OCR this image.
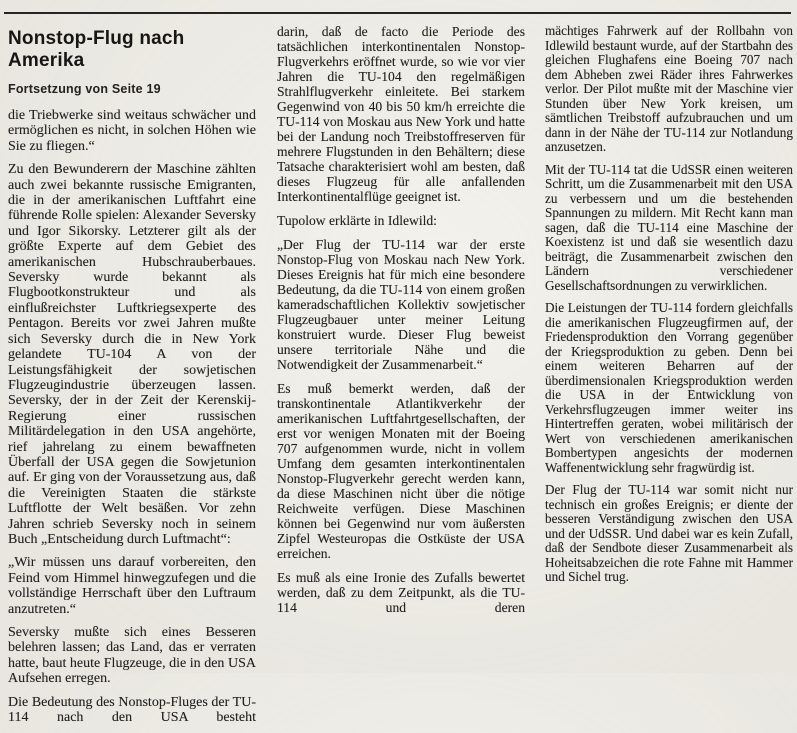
Nonstop-Flug nach Amerika
Fortsetzung von Seite 19

die Triebwerke sind weitaus schwächer und ermöglichen es nicht, in solchen Höhen wie Sie zu fliegen.“

Zu den Bewunderern der Maschine zählten auch zwei bekannte russische Emigranten, die in der amerikanischen Luftfahrt eine führende Rolle spielen: Alexander Seversky und Igor Sikorsky. Letzterer gilt als der größte Experte auf dem Gebiet des amerikanischen Hubschrauberbaues. Seversky wurde bekannt als Flugbootkonstrukteur und als einflußreichster Luftkriegsexperte des Pentagon. Bereits vor zwei Jahren mußte sich Seversky durch die in New York gelandete TU-104 A von der Leistungsfähigkeit der sowjetischen Flugzeugindustrie überzeugen lassen. Seversky, der in der Zeit der Kerenskij-Regierung einer russischen Militärdelegation in den USA angehörte, rief jahrelang zu einem bewaffneten Überfall der USA gegen die Sowjetunion auf. Er ging von der Voraussetzung aus, daß die Vereinigten Staaten die stärkste Luftflotte der Welt besäßen. Vor zehn Jahren schrieb Seversky noch in seinem Buch „Entscheidung durch Luftmacht“:

„Wir müssen uns darauf vorbereiten, den Feind vom Himmel hinwegzufegen und die vollständige Herrschaft über den Luftraum anzutreten.“

Seversky mußte sich eines Besseren belehren lassen; das Land, das er verraten hatte, baut heute Flugzeuge, die in den USA Aufsehen erregen.

Die Bedeutung des Nonstop-Fluges der TU-114 nach den USA besteht

darin, daß de facto die Periode des tatsächlichen interkontinentalen Nonstop-Flugverkehrs eröffnet wurde, so wie vor vier Jahren die TU-104 den regelmäßigen Strahlflugverkehr einleitete. Bei starkem Gegenwind von 40 bis 50 km/h erreichte die TU-114 von Moskau aus New York und hatte bei der Landung noch Treibstoffreserven für mehrere Flugstunden in den Behältern; diese Tatsache charakterisiert wohl am besten, daß dieses Flugzeug für alle anfallenden Interkontinentalflüge geeignet ist.

Tupolow erklärte in Idlewild:

„Der Flug der TU-114 war der erste Nonstop-Flug von Moskau nach New York. Dieses Ereignis hat für mich eine besondere Bedeutung, da die TU-114 von einem großen kameradschaftlichen Kollektiv sowjetischer Flugzeugbauer unter meiner Leitung konstruiert wurde. Dieser Flug beweist unsere territoriale Nähe und die Notwendigkeit der Zusammenarbeit.“

Es muß bemerkt werden, daß der transkontinentale Atlantikverkehr der amerikanischen Luftfahrtgesellschaften, der erst vor wenigen Monaten mit der Boeing 707 aufgenommen wurde, nicht in vollem Umfang dem gesamten interkontinentalen Nonstop-Flugverkehr gerecht werden kann, da diese Maschinen nicht über die nötige Reichweite verfügen. Diese Maschinen können bei Gegenwind nur vom äußersten Zipfel Westeuropas die Ostküste der USA erreichen.

Es muß als eine Ironie des Zufalls bewertet werden, daß zu dem Zeitpunkt, als die TU-114 und deren

mächtiges Fahrwerk auf der Rollbahn von Idlewild bestaunt wurde, auf der Startbahn des gleichen Flughafens eine Boeing 707 nach dem Abheben zwei Räder ihres Fahrwerkes verlor. Der Pilot mußte mit der Maschine vier Stunden über New York kreisen, um sämtlichen Treibstoff aufzubrauchen und um dann in der Nähe der TU-114 zur Notlandung anzusetzen.

Mit der TU-114 tat die UdSSR einen weiteren Schritt, um die Zusammenarbeit mit den USA zu verbessern und um die bestehenden Spannungen zu mildern. Mit Recht kann man sagen, daß die TU-114 eine Maschine der Koexistenz ist und daß sie wesentlich dazu beiträgt, die Zusammenarbeit zwischen den Ländern verschiedener Gesellschaftsordnungen zu verwirklichen.

Die Leistungen der TU-114 fordern gleichfalls die amerikanischen Flugzeugfirmen auf, der Friedensproduktion den Vorrang gegenüber der Kriegsproduktion zu geben. Denn bei einem weiteren Beharren auf der überdimensionalen Kriegsproduktion werden die USA in der Entwicklung von Verkehrsflugzeugen immer weiter ins Hintertreffen geraten, wobei militärisch der Wert von verschiedenen amerikanischen Bombertypen angesichts der modernen Waffenentwicklung sehr fragwürdig ist.

Der Flug der TU-114 war somit nicht nur technisch ein großes Ereignis; er diente der besseren Verständigung zwischen den USA und der UdSSR. Und dabei war es kein Zufall, daß der Sendbote dieser Zusammenarbeit als Hoheitsabzeichen die rote Fahne mit Hammer und Sichel trug.
